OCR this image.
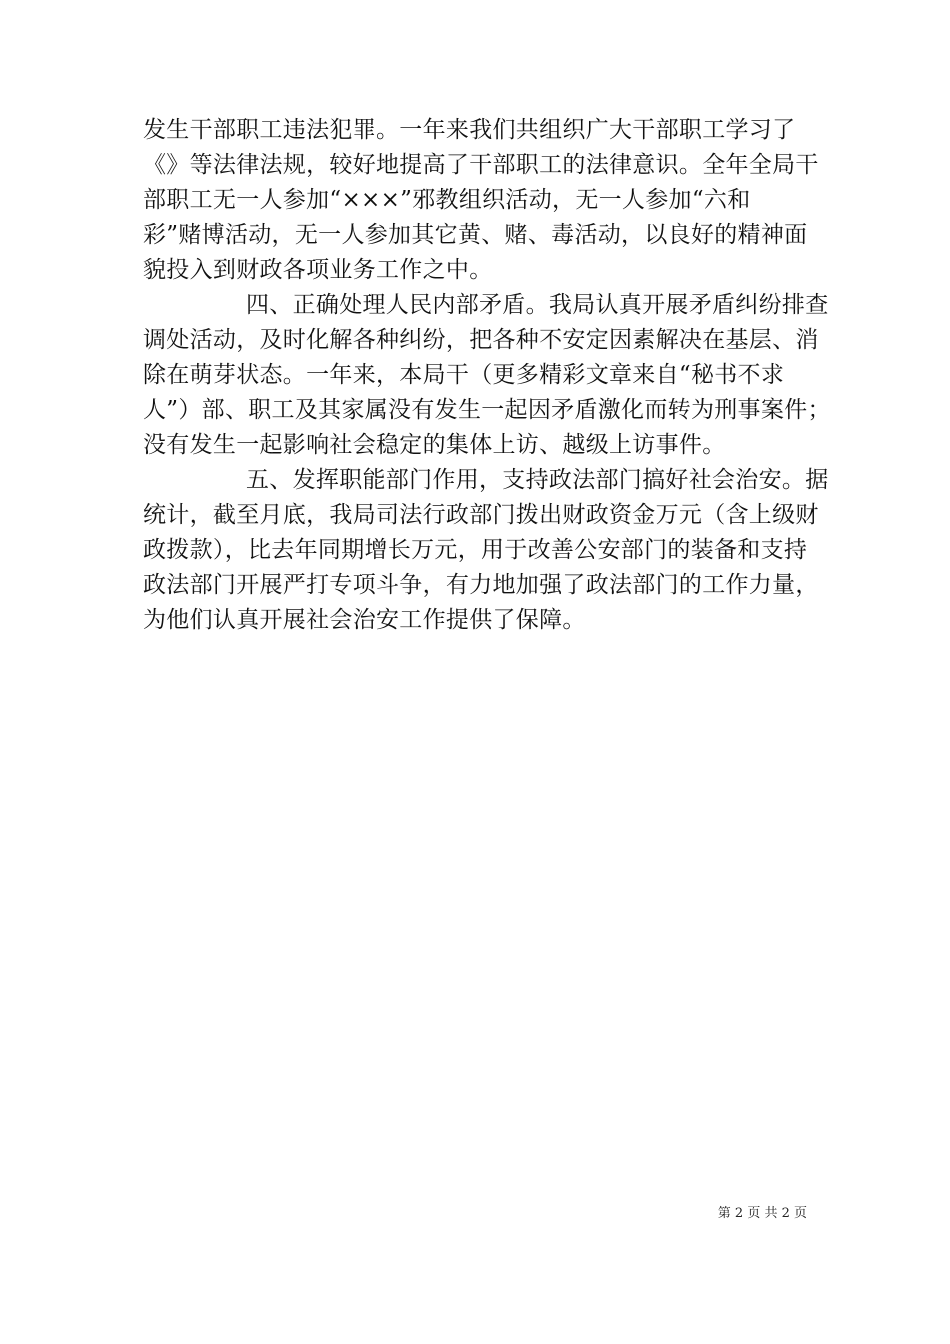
发生干部职工违法犯罪。一年来我们共组织广大干部职工学习了
《》等法律法规，较好地提高了干部职工的法律意识。全年全局干
部职工无一人参加“×××”邪教组织活动，无一人参加“六和
彩”赌博活动，无一人参加其它黄、赌、毒活动，以良好的精神面
貌投入到财政各项业务工作之中。
四、正确处理人民内部矛盾。我局认真开展矛盾纠纷排查
调处活动，及时化解各种纠纷，把各种不安定因素解决在基层、消
除在萌芽状态。一年来，本局干（更多精彩文章来自“秘书不求
人”）部、职工及其家属没有发生一起因矛盾激化而转为刑事案件；
没有发生一起影响社会稳定的集体上访、越级上访事件。
五、发挥职能部门作用，支持政法部门搞好社会治安。据
统计，截至月底，我局司法行政部门拨出财政资金万元（含上级财
政拨款），比去年同期增长万元，用于改善公安部门的装备和支持
政法部门开展严打专项斗争，有力地加强了政法部门的工作力量，
为他们认真开展社会治安工作提供了保障。
第 2 页 共 2 页
